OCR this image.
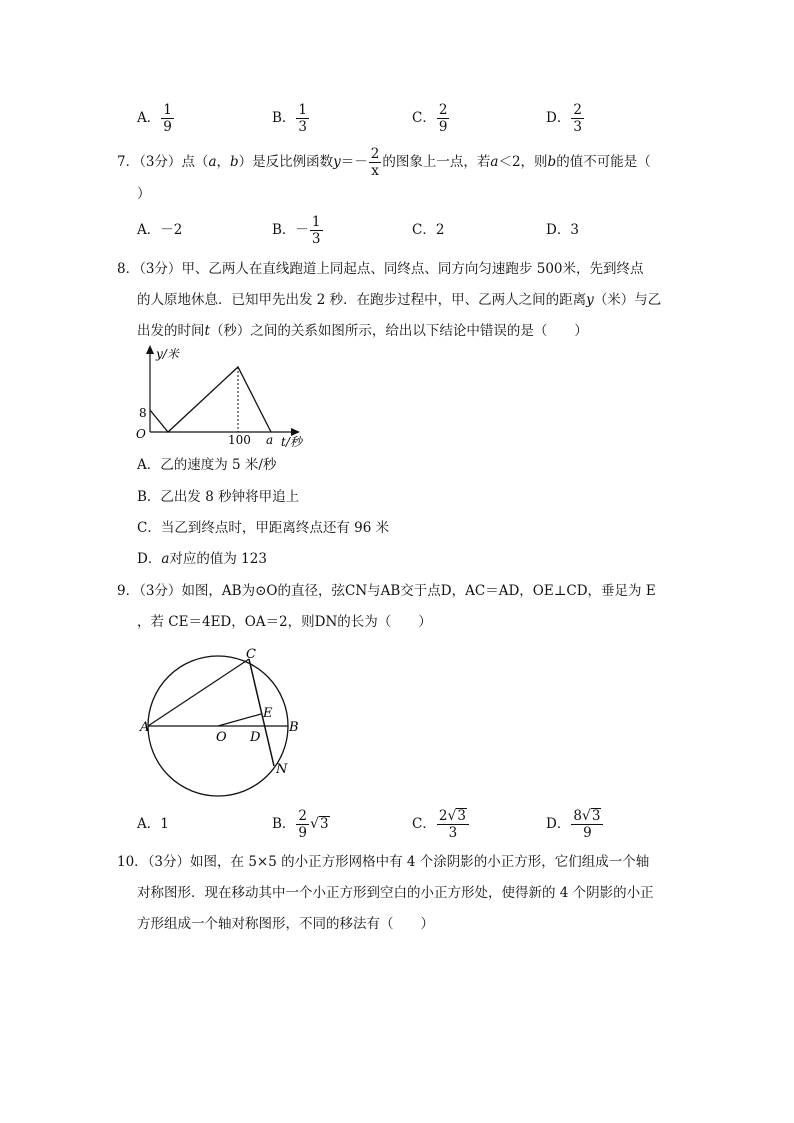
A． $\frac{1}{9}$	B． $\frac{1}{3}$	C． $\frac{2}{9}$	D． $\frac{2}{3}$
7．（3分）点（a，b）是反比例函数$y=- \frac{2}{x}$ 的图象上一点，若a＜2，则b的值不可能是（
）
A．－2	B．－ $\frac{1}{3}$	C．2	D．3
8．（3分）甲、乙两人在直线跑道上同起点、同终点、同方向匀速跑步 500米，先到终点
的人原地休息．已知甲先出发 2 秒．在跑步过程中，甲、乙两人之间的距离y（米）与乙
出发的时间t（秒）之间的关系如图所示，给出以下结论中错误的是（　　）
y/米
8
O	100 a t/秒
A．乙的速度为 5 米/秒
B．乙出发 8 秒钟将甲追上
C．当乙到终点时，甲距离终点还有 96 米
D．a对应的值为 123
9．（3分）如图，AB为⊙O的直径，弦CN与AB交于点D，AC＝AD，OE⊥CD，垂足为 E
，若 CE＝4ED，OA＝2，则DN的长为（　　）
A
C
E
O D
B
N
A．1	B． $\frac{2}{9} √3$	C． $\frac{2√3}{3}$	D． $\frac{8√3}{9}$
10．（3分）如图，在 5×5 的小正方形网格中有 4 个涂阴影的小正方形，它们组成一个轴
对称图形．现在移动其中一个小正方形到空白的小正方形处，使得新的 4 个阴影的小正
方形组成一个轴对称图形，不同的移法有（　　）
